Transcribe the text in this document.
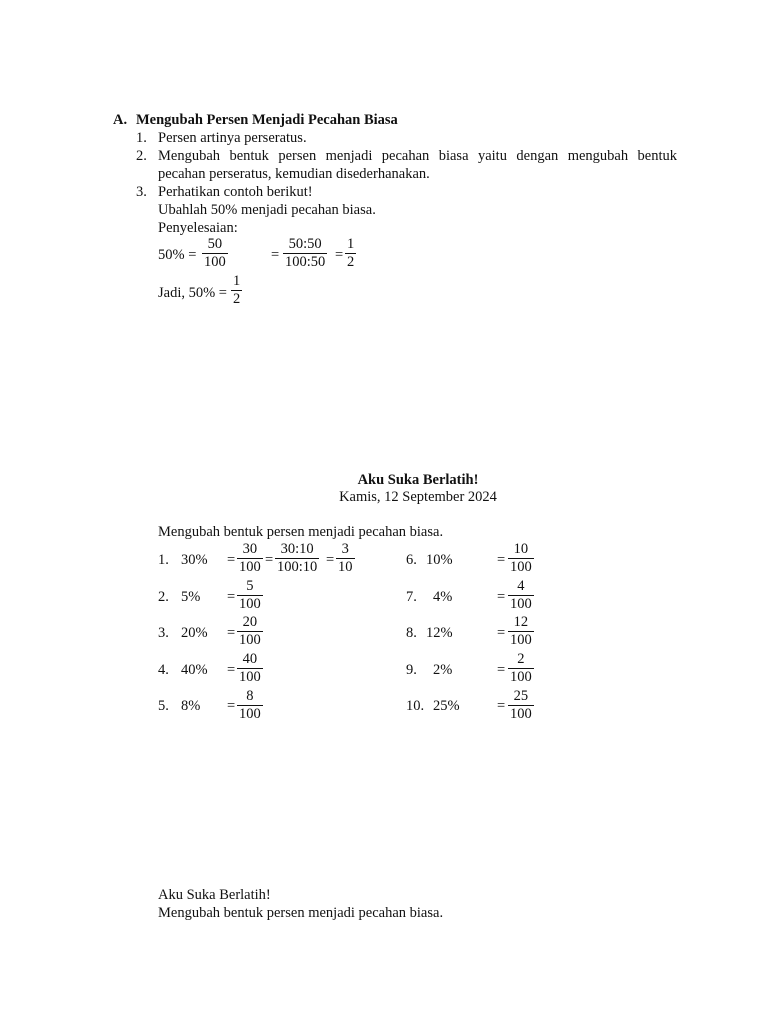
A. Mengubah Persen Menjadi Pecahan Biasa
1. Persen artinya perseratus.
2. Mengubah bentuk persen menjadi pecahan biasa yaitu dengan mengubah bentuk
pecahan perseratus, kemudian disederhanakan.
3. Perhatikan contoh berikut!
Ubahlah 50% menjadi pecahan biasa.
Penyelesaian:
$50\% = \frac{50}{100}$	= $\frac{50:50}{100:50} = \frac{1}{2}$
Jadi, $50\% = \frac{1}{2}$
Aku Suka Berlatih!
Kamis, 12 September 2024
Mengubah bentuk persen menjadi pecahan biasa.
1. $30\% = \frac{30}{100} = \frac{30:10}{100:10} = \frac{3}{10}$
2. $5\% = \frac{5}{100}$
3. $20\% = \frac{20}{100}$
4. $40\% = \frac{40}{100}$
5. $8\% = \frac{8}{100}$
6. 10%	= $\frac{10}{100}$
7. 4%	= $\frac{4}{100}$
8. 12%	= $\frac{12}{100}$
9. 2%	= $\frac{2}{100}$
10. 25%	= $\frac{25}{100}$
Aku Suka Berlatih!
Mengubah bentuk persen menjadi pecahan biasa.
